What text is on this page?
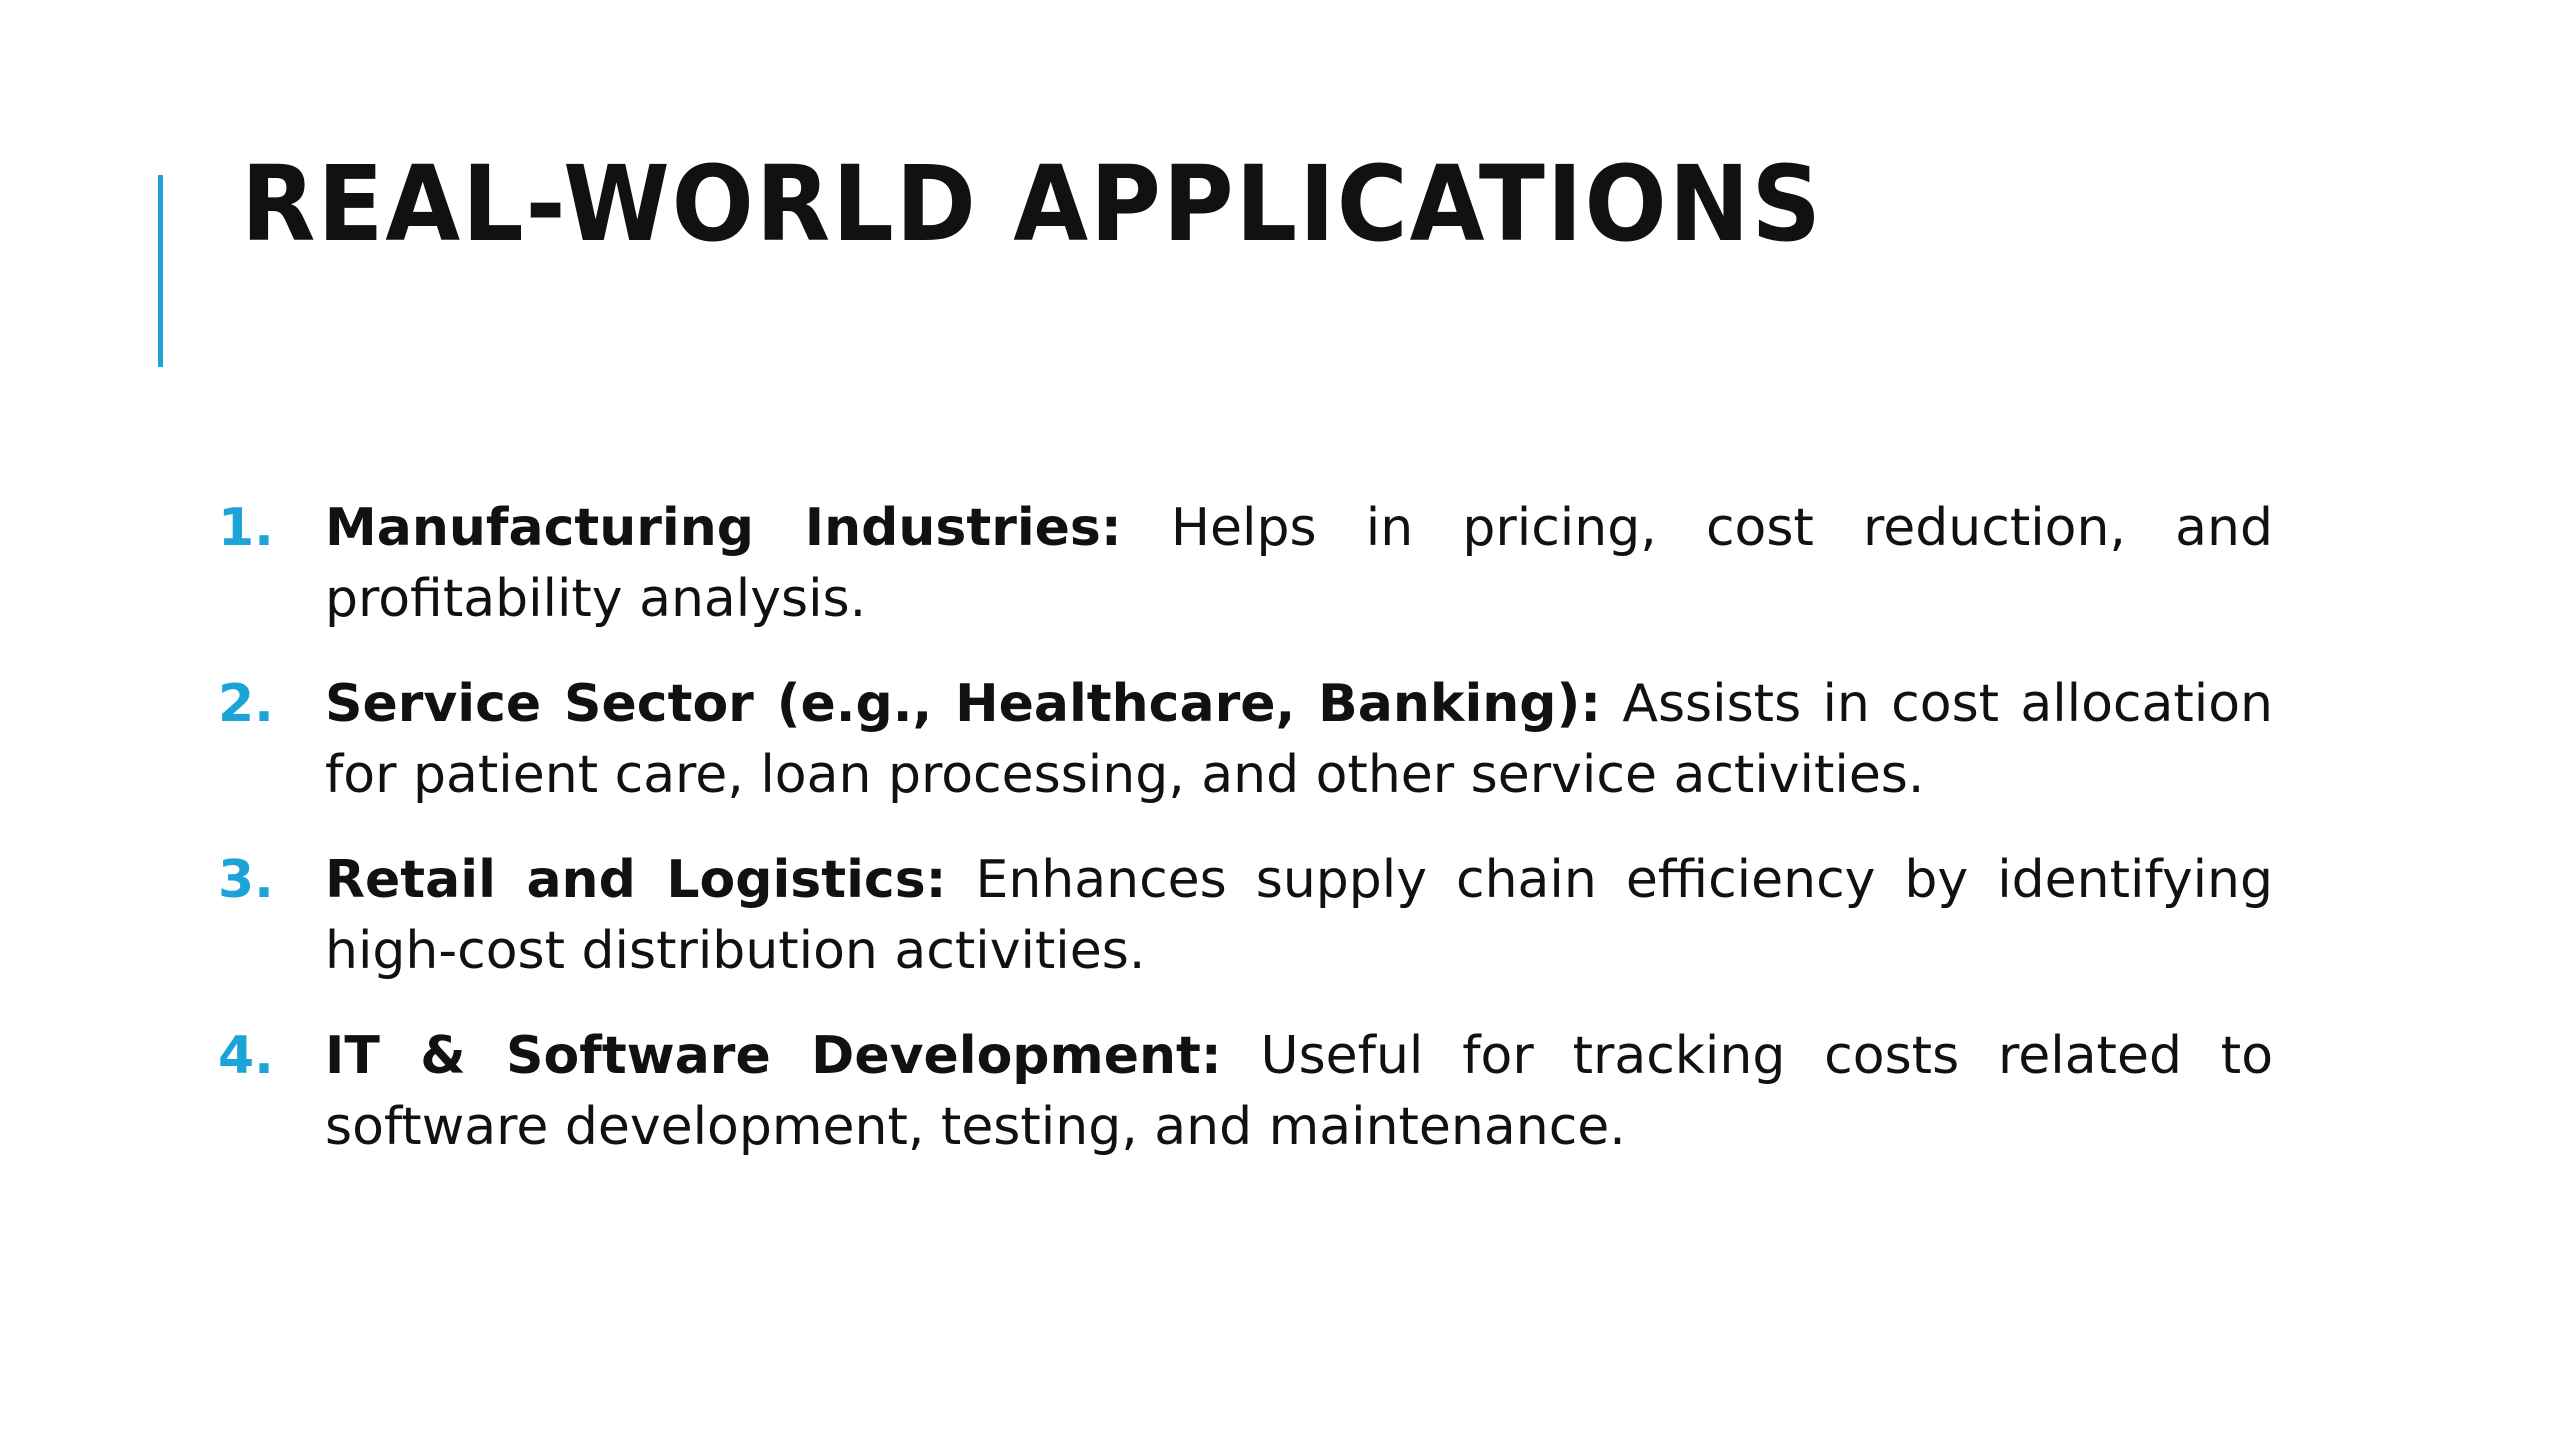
REAL-WORLD APPLICATIONS
1. Manufacturing Industries: Helps in pricing, cost reduction, and profitability analysis.
2. Service Sector (e.g., Healthcare, Banking): Assists in cost allocation for patient care, loan processing, and other service activities.
3. Retail and Logistics: Enhances supply chain efficiency by identifying high-cost distribution activities.
4. IT & Software Development: Useful for tracking costs related to software development, testing, and maintenance.
